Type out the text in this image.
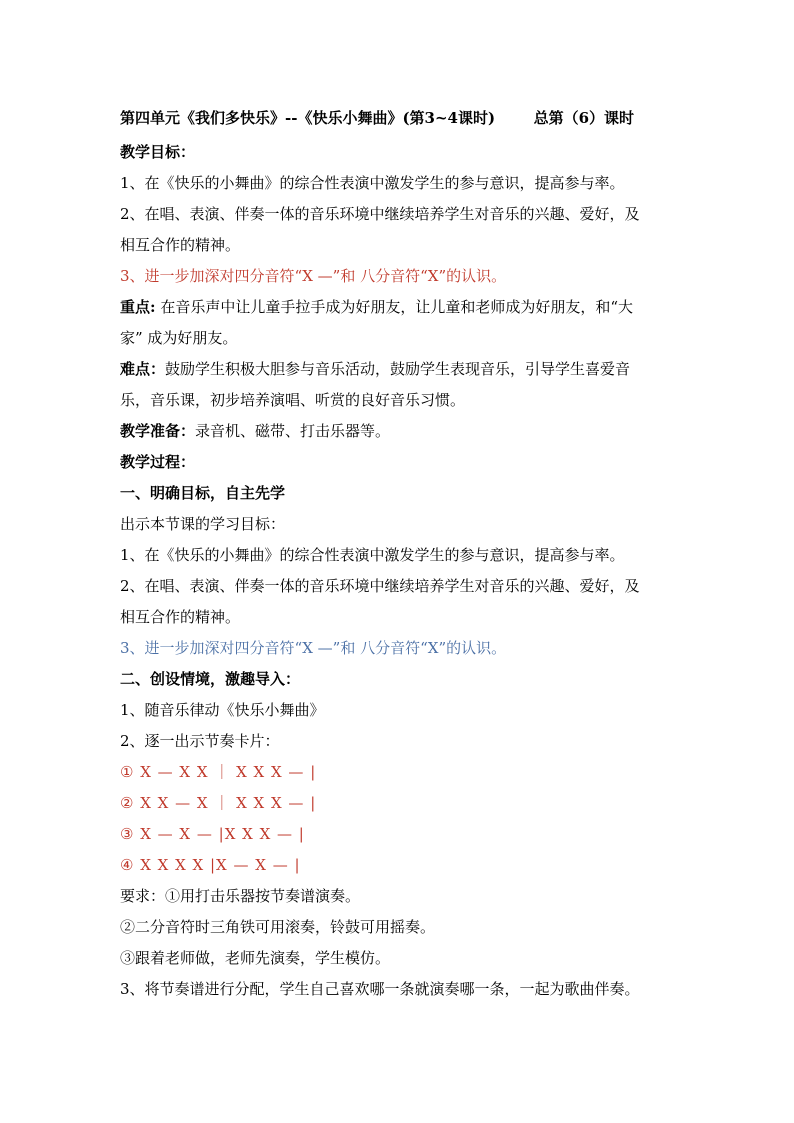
第四单元《我们多快乐》--《快乐小舞曲》(第3~4课时)	总第（6）课时
教学目标：
1、在《快乐的小舞曲》的综合性表演中激发学生的参与意识，提高参与率。
2、在唱、表演、伴奏一体的音乐环境中继续培养学生对音乐的兴趣、爱好，及
相互合作的精神。
3、进一步加深对四分音符“X —”和 八分音符“X”的认识。
重点: 在音乐声中让儿童手拉手成为好朋友，让儿童和老师成为好朋友，和“大
家” 成为好朋友。
难点：鼓励学生积极大胆参与音乐活动，鼓励学生表现音乐，引导学生喜爱音
乐，音乐课，初步培养演唱、听赏的良好音乐习惯。
教学准备：录音机、磁带、打击乐器等。
教学过程：
一、明确目标，自主先学
出示本节课的学习目标：
1、在《快乐的小舞曲》的综合性表演中激发学生的参与意识，提高参与率。
2、在唱、表演、伴奏一体的音乐环境中继续培养学生对音乐的兴趣、爱好，及
相互合作的精神。
3、进一步加深对四分音符“X —”和 八分音符“X”的认识。
二、创设情境，激趣导入：
1、随音乐律动《快乐小舞曲》
2、逐一出示节奏卡片：
① X — X X ｜ X X X — |
② X X — X ｜ X X X — |
③ X — X — |X X X — |
④ X X X X |X — X — |
要求：①用打击乐器按节奏谱演奏。
②二分音符时三角铁可用滚奏，铃鼓可用摇奏。
③跟着老师做，老师先演奏，学生模仿。
3、将节奏谱进行分配，学生自己喜欢哪一条就演奏哪一条，一起为歌曲伴奏。
